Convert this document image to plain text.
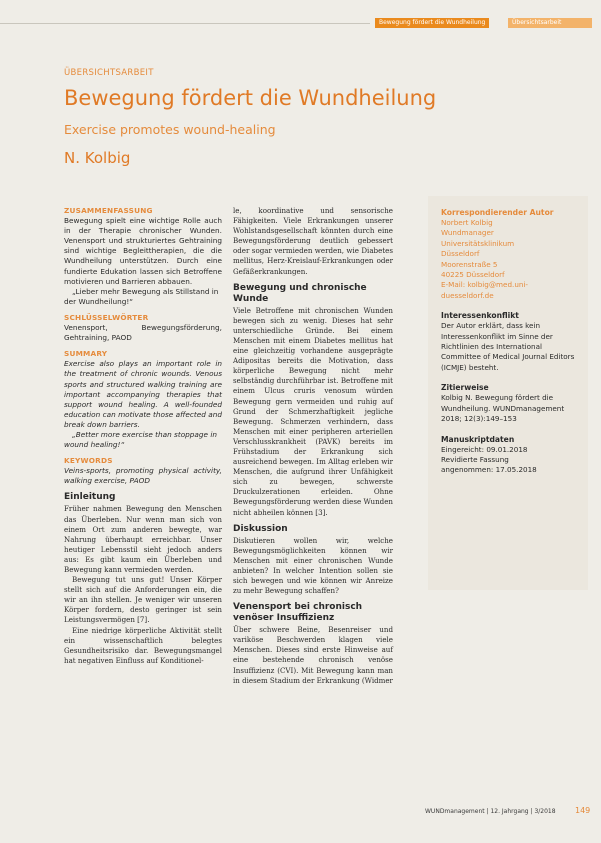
Bewegung fördert die Wundheilung	Übersichtsarbeit
ÜBERSICHTSARBEIT
Bewegung fördert die Wundheilung
Exercise promotes wound-healing
N. Kolbig
ZUSAMMENFASSUNG

Bewegung spielt eine wichtige Rolle auch in der Therapie chronischer Wunden. Venensport und strukturiertes Gehtraining sind wichtige Begleittherapien, die die Wundheilung unterstützen. Durch eine fundierte Edukation lassen sich Betroffene motivieren und Barrieren abbauen.

„Lieber mehr Bewegung als Stillstand in der Wundheilung!“

SCHLÜSSELWÖRTER

Venensport, Bewegungsförderung, Gehtraining, PAOD

SUMMARY

Exercise also plays an important role in the treatment of chronic wounds. Venous sports and structured walking training are important accompanying therapies that support wound healing. A well-founded education can motivate those affected and break down barriers.

„Better more exercise than stoppage in wound healing!“

KEYWORDS

Veins-sports, promoting physical activity, walking exercise, PAOD

Einleitung

Früher nahmen Bewegung den Menschen das Überleben. Nur wenn man sich von einem Ort zum anderen bewegte, war Nahrung überhaupt erreichbar. Unser heutiger Lebensstil sieht jedoch anders aus: Es gibt kaum ein Überleben und Bewegung kann vermieden werden.

Bewegung tut uns gut! Unser Körper stellt sich auf die Anforderungen ein, die wir an ihn stellen. Je weniger wir unseren Körper fordern, desto geringer ist sein Leistungsvermögen [7].

Eine niedrige körperliche Aktivität stellt ein wissenschaftlich belegtes Gesundheitsrisiko dar. Bewegungsmangel hat negativen Einfluss auf Konditionel-

le, koordinative und sensorische Fähigkeiten. Viele Erkrankungen unserer Wohlstandsgesellschaft könnten durch eine Bewegungsförderung deutlich gebessert oder sogar vermieden werden, wie Diabetes mellitus, Herz-Kreislauf-Erkrankungen oder Gefäßerkrankungen.

Bewegung und chronische Wunde

Viele Betroffene mit chronischen Wunden bewegen sich zu wenig. Dieses hat sehr unterschiedliche Gründe. Bei einem Menschen mit einem Diabetes mellitus hat eine gleichzeitig vorhandene ausgeprägte Adipositas bereits die Motivation, dass körperliche Bewegung nicht mehr selbständig durchführbar ist. Betroffene mit einem Ulcus cruris venosum würden Bewegung gern vermeiden und ruhig auf Grund der Schmerzhaftigkeit jegliche Bewegung. Schmerzen verhindern, dass Menschen mit einer peripheren arteriellen Verschlusskrankheit (PAVK) bereits im Frühstadium der Erkrankung sich ausreichend bewegen. Im Alltag erleben wir Menschen, die aufgrund ihrer Unfähigkeit sich zu bewegen, schwerste Druckulzerationen erleiden. Ohne Bewegungsförderung werden diese Wunden nicht abheilen können [3].

Diskussion

Diskutieren wollen wir, welche Bewegungsmöglichkeiten können wir Menschen mit einer chronischen Wunde anbieten? In welcher Intention sollen sie sich bewegen und wie können wir Anreize zu mehr Bewegung schaffen?

Venensport bei chronisch venöser Insuffizienz

Über schwere Beine, Besenreiser und variköse Beschwerden klagen viele Menschen. Dieses sind erste Hinweise auf eine bestehende chronisch venöse Insuffizienz (CVI). Mit Bewegung kann man in diesem Stadium der Erkrankung (Widmer

Korrespondierender Autor
Norbert Kolbig
Wundmanager
Universitätsklinikum
Düsseldorf
Moorenstraße 5
40225 Düsseldorf
E-Mail: kolbig@med.uni-
duesseldorf.de
Interessenkonflikt
Der Autor erklärt, dass kein Interessenkonflikt im Sinne der Richtlinien des International Committee of Medical Journal Editors (ICMJE) besteht.
Zitierweise
Kolbig N. Bewegung fördert die Wundheilung. WUNDmanagement 2018; 12(3):149–153
Manuskriptdaten
Eingereicht: 09.01.2018
Revidierte Fassung
angenommen: 17.05.2018
WUNDmanagement | 12. Jahrgang | 3/2018 149
